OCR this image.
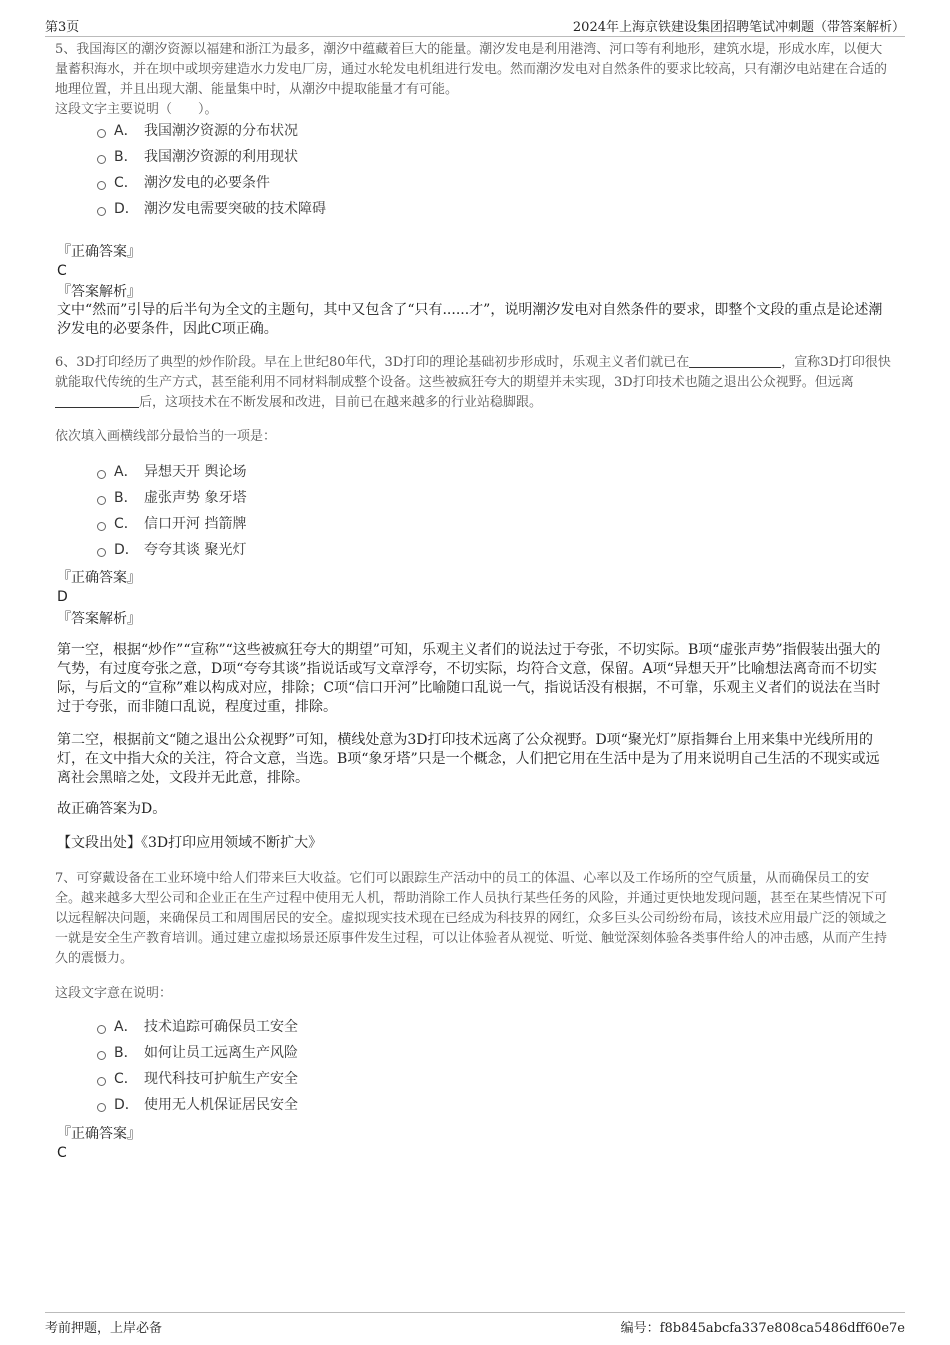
第3页	2024年上海京铁建设集团招聘笔试冲刺题（带答案解析）
5、我国海区的潮汐资源以福建和浙江为最多，潮汐中蕴藏着巨大的能量。潮汐发电是利用港湾、河口等有利地形，建筑水堤，形成水库，以便大量蓄积海水，并在坝中或坝旁建造水力发电厂房，通过水轮发电机组进行发电。然而潮汐发电对自然条件的要求比较高，只有潮汐电站建在合适的地理位置，并且出现大潮、能量集中时，从潮汐中提取能量才有可能。
这段文字主要说明（　　）。
A． 我国潮汐资源的分布状况
B． 我国潮汐资源的利用现状
C． 潮汐发电的必要条件
D． 潮汐发电需要突破的技术障碍
『正确答案』
C
『答案解析』
文中“然而”引导的后半句为全文的主题句，其中又包含了“只有......才”，说明潮汐发电对自然条件的要求，即整个文段的重点是论述潮汐发电的必要条件，因此C项正确。
6、3D打印经历了典型的炒作阶段。早在上世纪80年代，3D打印的理论基础初步形成时，乐观主义者们就已在	，宣称3D打印很快就能取代传统的生产方式，甚至能利用不同材料制成整个设备。这些被疯狂夸大的期望并未实现，3D打印技术也随之退出公众视野。但远离后，这项技术在不断发展和改进，目前已在越来越多的行业站稳脚跟。
依次填入画横线部分最恰当的一项是：
A． 异想天开 舆论场
B． 虚张声势 象牙塔
C． 信口开河 挡箭牌
D． 夸夸其谈 聚光灯
『正确答案』
D
『答案解析』
第一空，根据“炒作”“宣称”“这些被疯狂夸大的期望”可知，乐观主义者们的说法过于夸张，不切实际。B项“虚张声势”指假装出强大的气势，有过度夸张之意，D项“夸夸其谈”指说话或写文章浮夸，不切实际，均符合文意，保留。A项“异想天开”比喻想法离奇而不切实际，与后文的“宣称”难以构成对应，排除；C项“信口开河”比喻随口乱说一气，指说话没有根据，不可靠，乐观主义者们的说法在当时过于夸张，而非随口乱说，程度过重，排除。
第二空，根据前文“随之退出公众视野”可知，横线处意为3D打印技术远离了公众视野。D项“聚光灯”原指舞台上用来集中光线所用的灯，在文中指大众的关注，符合文意，当选。B项“象牙塔”只是一个概念，人们把它用在生活中是为了用来说明自己生活的不现实或远离社会黑暗之处，文段并无此意，排除。
故正确答案为D。
【文段出处】《3D打印应用领域不断扩大》
7、可穿戴设备在工业环境中给人们带来巨大收益。它们可以跟踪生产活动中的员工的体温、心率以及工作场所的空气质量，从而确保员工的安全。越来越多大型公司和企业正在生产过程中使用无人机，帮助消除工作人员执行某些任务的风险，并通过更快地发现问题，甚至在某些情况下可以远程解决问题，来确保员工和周围居民的安全。虚拟现实技术现在已经成为科技界的网红，众多巨头公司纷纷布局，该技术应用最广泛的领域之一就是安全生产教育培训。通过建立虚拟场景还原事件发生过程，可以让体验者从视觉、听觉、触觉深刻体验各类事件给人的冲击感，从而产生持久的震慑力。
这段文字意在说明：
A． 技术追踪可确保员工安全
B． 如何让员工远离生产风险
C． 现代科技可护航生产安全
D． 使用无人机保证居民安全
『正确答案』
C
考前押题，上岸必备	编号：f8b845abcfa337e808ca5486dff60e7e
